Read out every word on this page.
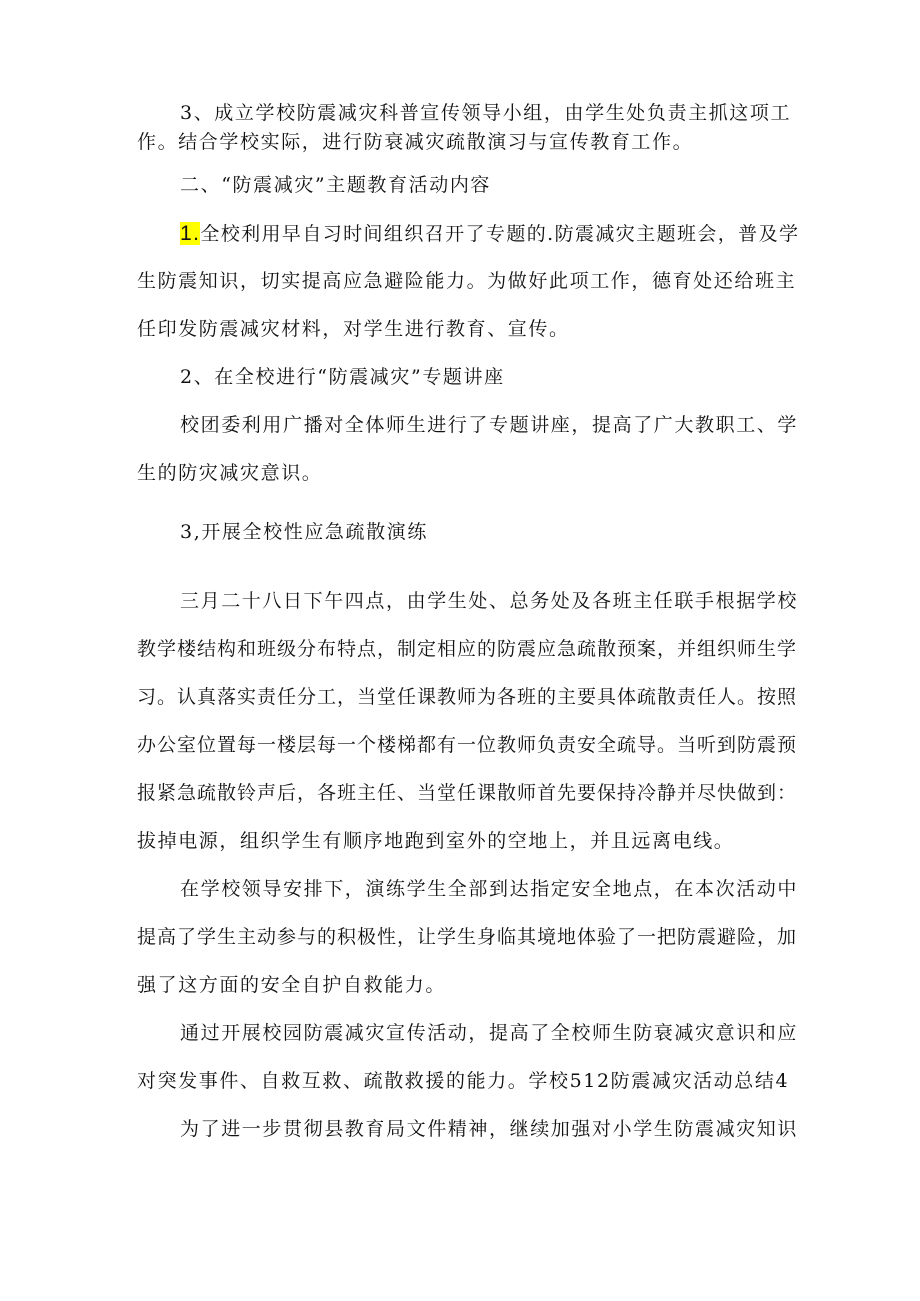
3、成立学校防震减灾科普宣传领导小组，由学生处负责主抓这项工
作。结合学校实际，进行防衰减灾疏散演习与宣传教育工作。
二、“防震减灾”主题教育活动内容
1.全校利用早自习时间组织召开了专题的.防震减灾主题班会，普及学
生防震知识，切实提高应急避险能力。为做好此项工作，德育处还给班主
任印发防震减灾材料，对学生进行教育、宣传。
2、在全校进行“防震减灾”专题讲座
校团委利用广播对全体师生进行了专题讲座，提高了广大教职工、学
生的防灾减灾意识。
3,开展全校性应急疏散演练
三月二十八日下午四点，由学生处、总务处及各班主任联手根据学校
教学楼结构和班级分布特点，制定相应的防震应急疏散预案，并组织师生学
习。认真落实责任分工，当堂任课教师为各班的主要具体疏散责任人。按照
办公室位置每一楼层每一个楼梯都有一位教师负责安全疏导。当听到防震预
报紧急疏散铃声后，各班主任、当堂任课散师首先要保持冷静并尽快做到：
拔掉电源，组织学生有顺序地跑到室外的空地上，并且远离电线。
在学校领导安排下，演练学生全部到达指定安全地点，在本次活动中
提高了学生主动参与的积极性，让学生身临其境地体验了一把防震避险，加
强了这方面的安全自护自救能力。
通过开展校园防震减灾宣传活动，提高了全校师生防衰减灾意识和应
对突发事件、自救互救、疏散救援的能力。学校512防震减灾活动总结4
为了进一步贯彻县教育局文件精神，继续加强对小学生防震减灾知识
